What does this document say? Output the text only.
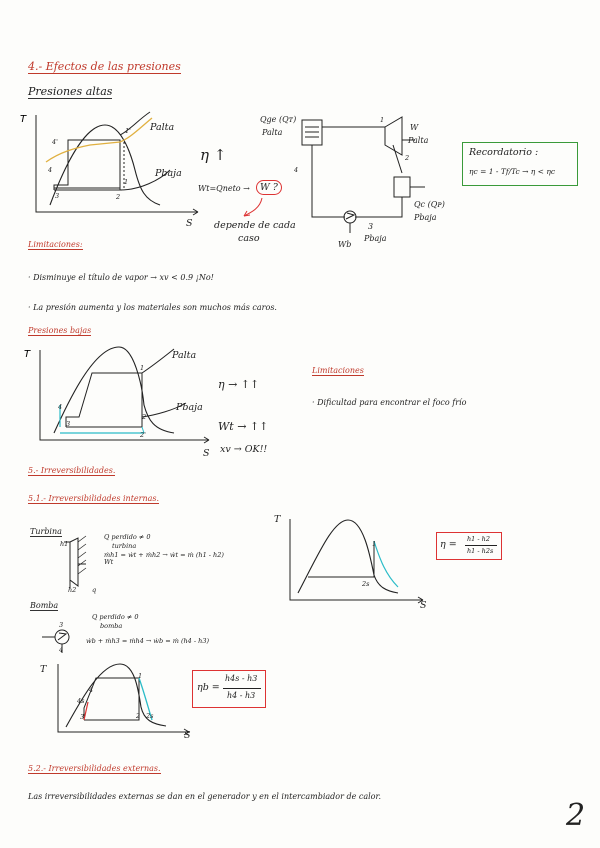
4.- Efectos de las presiones
Presiones altas
T
Palta
Pbaja
1'
4'
4
3	2
1
S
η ↑
Wt=Qneto →	W ?
depende de cada
caso
Qge (Qᴛ)
Palta
1
W
Palta
2
4
Qc (Qᴘ)
Pbaja
3
Pbaja
Wb
Recordatorio :
ηc = 1 - Tf/Tc → η < ηc
Limitaciones:
· Disminuye el título de vapor → xv < 0.9 ¡No!
· La presión aumenta y los materiales son muchos más caros.
Presiones bajas
T	Palta
Pbaja
1
4
3
2
2'
S
η → ↑↑
Wt → ↑↑
xv → OK!!
Limitaciones
· Dificultad para encontrar el foco frío
5.- Irreversibilidades.
5.1.- Irreversibilidades internas.
Turbina
h1
Wt
h2 q
Q perdido ≠ 0
turbina
ṁh1 = ẇt + ṁh2 → ẇt = ṁ (h1 - h2)
1
2s
T
S
η = h1 - h2
h1 - h2s
Bomba
3
4
Q perdido ≠ 0
bomba
ẇb + ṁh3 = ṁh4 → ẇb = ṁ (h4 - h3)
T
1
4
4s
3	2 2s
S
ηb =
h4s - h3
h4 - h3
5.2.- Irreversibilidades externas.
Las irreversibilidades externas se dan en el generador y en el intercambiador de calor.
2
